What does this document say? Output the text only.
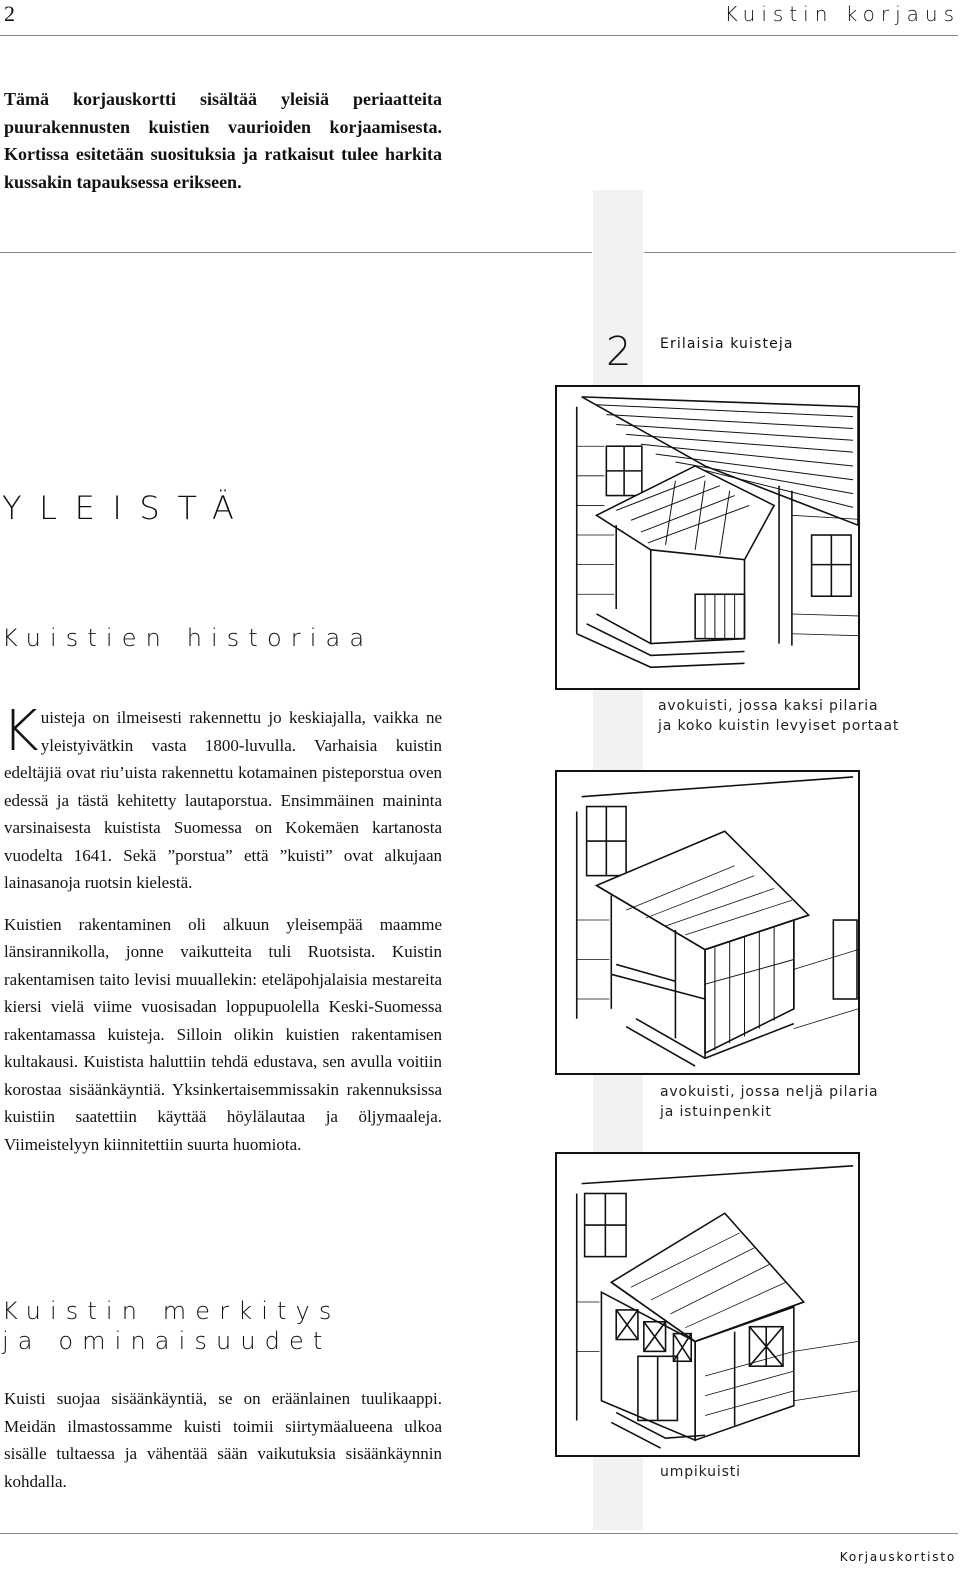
2	Kuistin korjaus
Tämä korjauskortti sisältää yleisiä periaatteita puurakennusten kuistien vaurioiden korjaamisesta. Kortissa esitetään suosituksia ja ratkaisut tulee harkita kussakin tapauksessa erikseen.
YLEISTÄ
Kuistien historiaa

Kuisteja on ilmeisesti rakennettu jo keskiajalla, vaikka ne yleistyivätkin vasta 1800-luvulla. Varhaisia kuistin edeltäjiä ovat riu’uista rakennettu kotamainen pisteporstua oven edessä ja tästä kehitetty lautaporstua. Ensimmäinen maininta varsinaisesta kuistista Suomessa on Kokemäen kartanosta vuodelta 1641. Sekä ”porstua” että ”kuisti” ovat alkujaan lainasanoja ruotsin kielestä.

Kuistien rakentaminen oli alkuun yleisempää maamme länsirannikolla, jonne vaikutteita tuli Ruotsista. Kuistin rakentamisen taito levisi muuallekin: eteläpohjalaisia mestareita kiersi vielä viime vuosisadan loppupuolella Keski-Suomessa rakentamassa kuisteja. Silloin olikin kuistien rakentamisen kultakausi. Kuistista haluttiin tehdä edustava, sen avulla voitiin korostaa sisäänkäyntiä. Yksinkertaisemmissakin rakennuksissa kuistiin saatettiin käyttää höylälautaa ja öljymaaleja. Viimeistelyyn kiinnitettiin suurta huomiota.

Kuistin merkitys
ja ominaisuudet
Kuisti suojaa sisäänkäyntiä, se on eräänlainen tuulikaappi. Meidän ilmastossamme kuisti toimii siirtymäalueena ulkoa sisälle tultaessa ja vähentää sään vaikutuksia sisäänkäynnin kohdalla.
2 Erilaisia kuisteja
avokuisti, jossa kaksi pilaria
ja koko kuistin levyiset portaat
avokuisti, jossa neljä pilaria
ja istuinpenkit
umpikuisti
Korjauskortisto
